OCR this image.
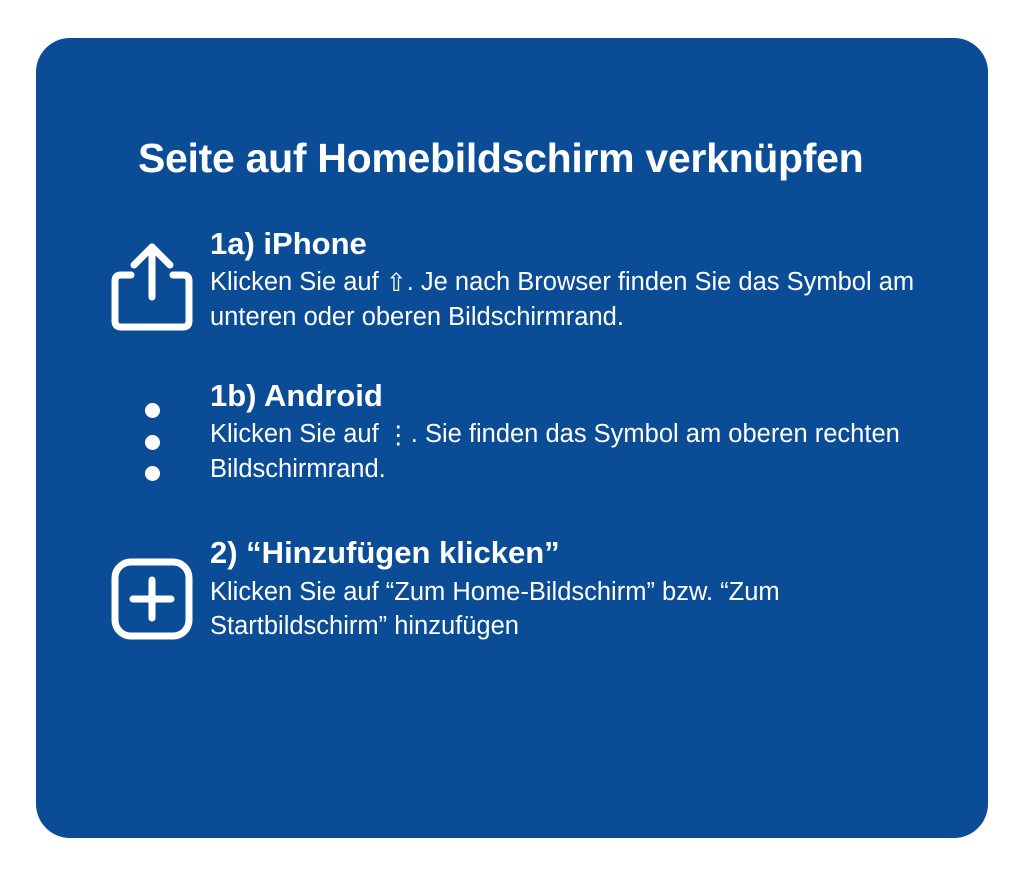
Seite auf Homebildschirm verknüpfen
1a) iPhone

Klicken Sie auf ⇧. Je nach Browser finden Sie das Symbol am unteren oder oberen Bildschirmrand.

1b) Android

Klicken Sie auf ⋮. Sie finden das Symbol am oberen rechten Bildschirmrand.

2) “Hinzufügen klicken”

Klicken Sie auf “Zum Home-Bildschirm” bzw. “Zum Startbildschirm” hinzufügen
